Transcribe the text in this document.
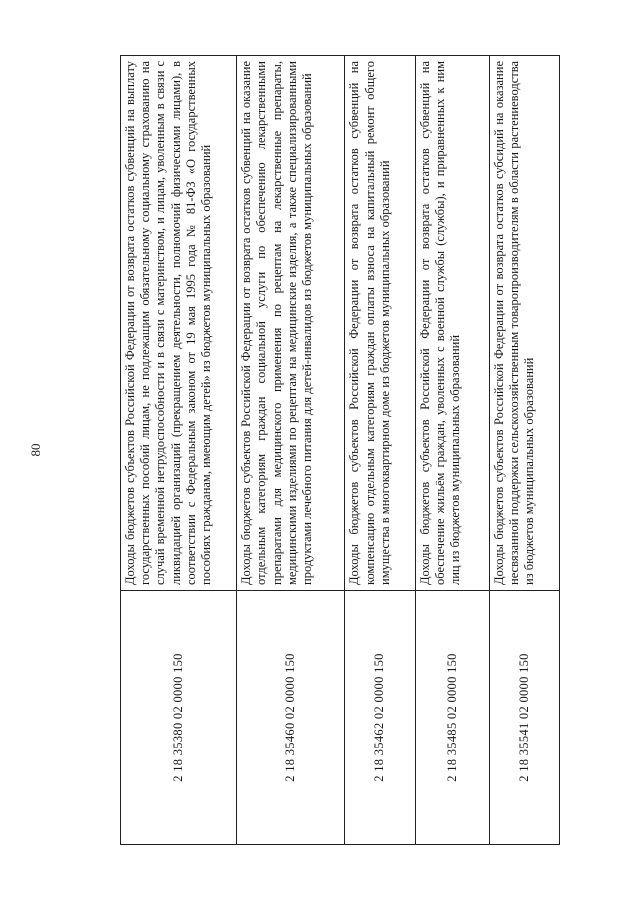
80
2 18 35380 02 0000 150	Доходы бюджетов субъектов Российской Федерации от возврата остатков субвенций на выплату государственных пособий лицам, не подлежащим обязательному социальному страхованию на случай временной нетрудоспособности и в связи с материнством, и лицам, уволенным в связи с ликвидацией организаций (прекращением деятельности, полномочий физическими лицами), в соответствии с Федеральным законом от 19 мая 1995 года № 81-ФЗ «О государственных пособиях гражданам, имеющим детей» из бюджетов муниципальных образований
2 18 35460 02 0000 150	Доходы бюджетов субъектов Российской Федерации от возврата остатков субвенций на оказание отдельным категориям граждан социальной услуги по обеспечению лекарственными препаратами для медицинского применения по рецептам на лекарственные препараты, медицинскими изделиями по рецептам на медицинские изделия, а также специализированными продуктами лечебного питания для детей-инвалидов из бюджетов муниципальных образований
2 18 35462 02 0000 150	Доходы бюджетов субъектов Российской Федерации от возврата остатков субвенций на компенсацию отдельным категориям граждан оплаты взноса на капитальный ремонт общего имущества в многоквартирном доме из бюджетов муниципальных образований
2 18 35485 02 0000 150	Доходы бюджетов субъектов Российской Федерации от возврата остатков субвенций на обеспечение жильём граждан, уволенных с военной службы (службы), и приравненных к ним лиц из бюджетов муниципальных образований
2 18 35541 02 0000 150	Доходы бюджетов субъектов Российской Федерации от возврата остатков субсидий на оказание несвязанной поддержки сельскохозяйственным товаропроизводителям в области растениеводства из бюджетов муниципальных образований
